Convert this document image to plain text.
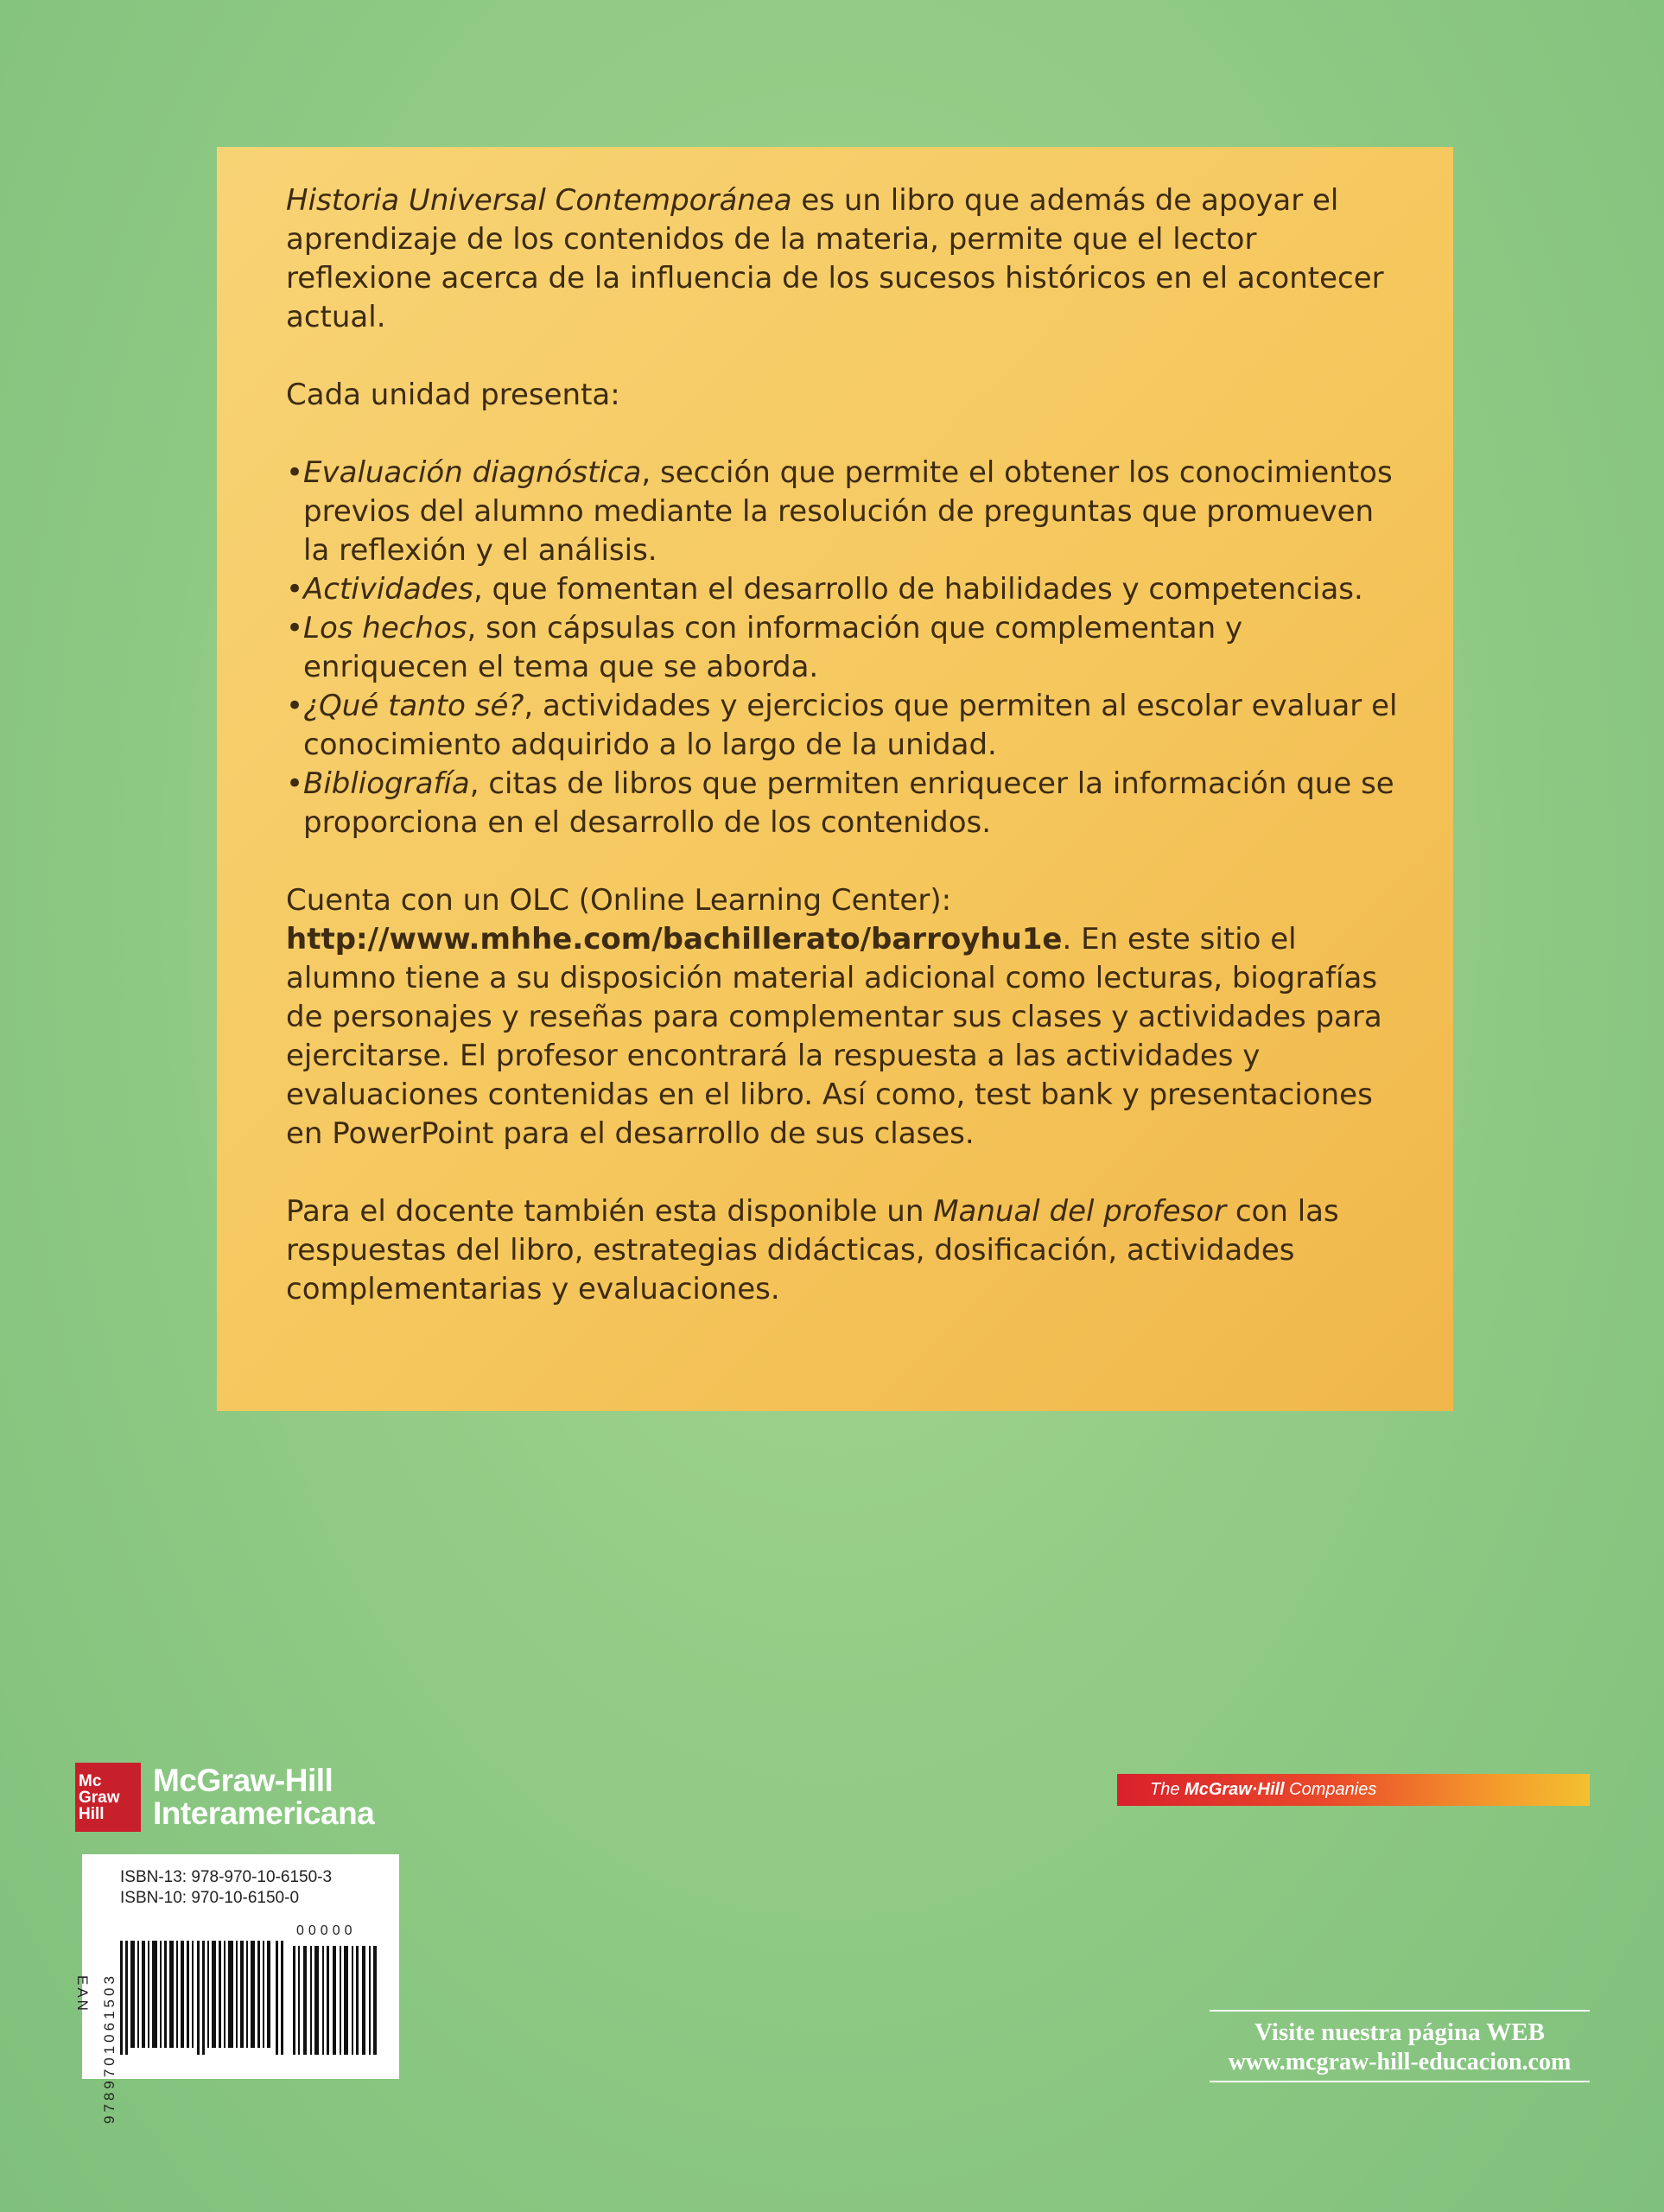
Historia Universal Contemporánea es un libro que además de apoyar el aprendizaje de los contenidos de la materia, permite que el lector reflexione acerca de la influencia de los sucesos históricos en el acontecer actual.

Cada unidad presenta:

• Evaluación diagnóstica, sección que permite el obtener los conocimientos previos del alumno mediante la resolución de preguntas que promueven la reflexión y el análisis.
• Actividades, que fomentan el desarrollo de habilidades y competencias.
• Los hechos, son cápsulas con información que complementan y enriquecen el tema que se aborda.
• ¿Qué tanto sé?, actividades y ejercicios que permiten al escolar evaluar el conocimiento adquirido a lo largo de la unidad.
• Bibliografía, citas de libros que permiten enriquecer la información que se proporciona en el desarrollo de los contenidos.

Cuenta con un OLC (Online Learning Center):
http://www.mhhe.com/bachillerato/barroyhu1e. En este sitio el alumno tiene a su disposición material adicional como lecturas, biografías de personajes y reseñas para complementar sus clases y actividades para ejercitarse. El profesor encontrará la respuesta a las actividades y evaluaciones contenidas en el libro. Así como, test bank y presentaciones en PowerPoint para el desarrollo de sus clases.

Para el docente también esta disponible un Manual del profesor con las respuestas del libro, estrategias didácticas, dosificación, actividades complementarias y evaluaciones.

Mc
Graw
Hill
McGraw-Hill
Interamericana
The McGraw·Hill Companies
ISBN-13: 978-970-10-6150-3
ISBN-10: 970-10-6150-0
00000
EAN 9789701061503	Visite nuestra página WEB
www.mcgraw-hill-educacion.com
